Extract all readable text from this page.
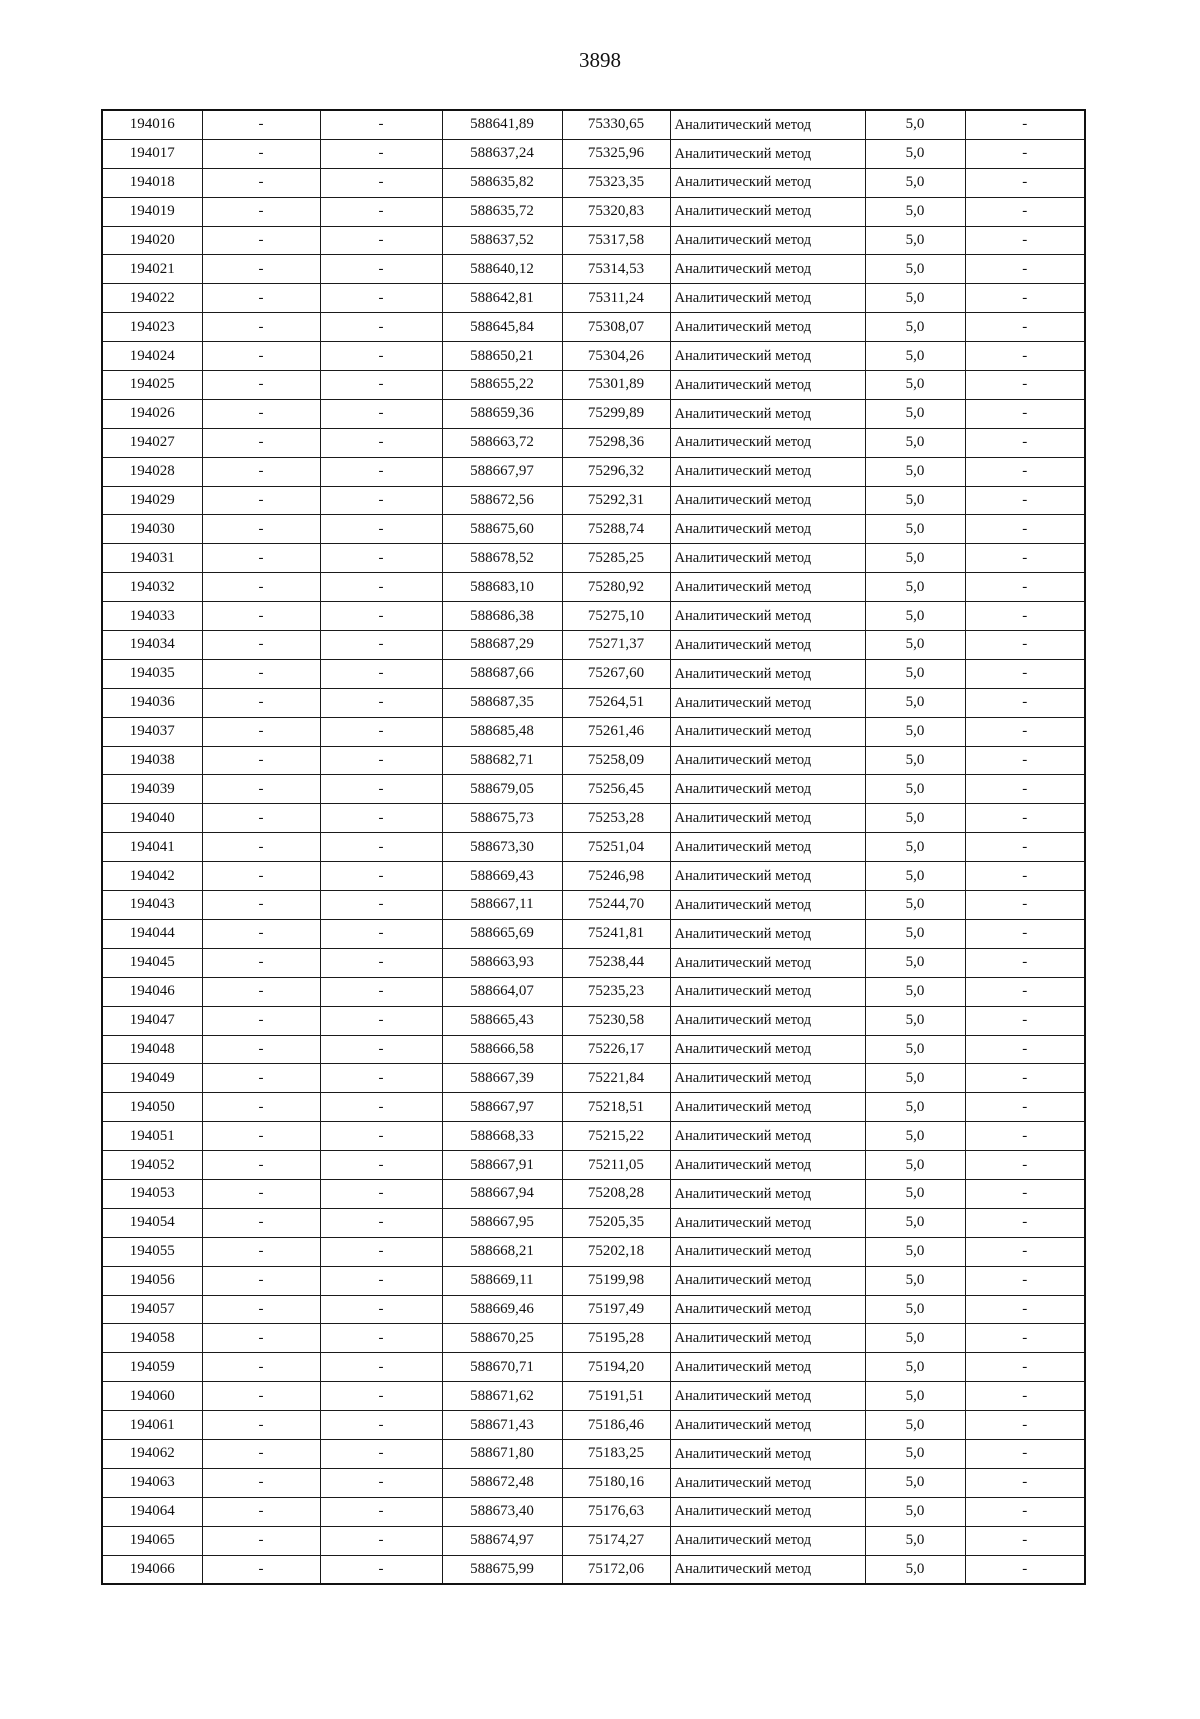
3898
194016	-	-	588641,89	75330,65	Аналитический метод	5,0	-
194017	-	-	588637,24	75325,96	Аналитический метод	5,0	-
194018	-	-	588635,82	75323,35	Аналитический метод	5,0	-
194019	-	-	588635,72	75320,83	Аналитический метод	5,0	-
194020	-	-	588637,52	75317,58	Аналитический метод	5,0	-
194021	-	-	588640,12	75314,53	Аналитический метод	5,0	-
194022	-	-	588642,81	75311,24	Аналитический метод	5,0	-
194023	-	-	588645,84	75308,07	Аналитический метод	5,0	-
194024	-	-	588650,21	75304,26	Аналитический метод	5,0	-
194025	-	-	588655,22	75301,89	Аналитический метод	5,0	-
194026	-	-	588659,36	75299,89	Аналитический метод	5,0	-
194027	-	-	588663,72	75298,36	Аналитический метод	5,0	-
194028	-	-	588667,97	75296,32	Аналитический метод	5,0	-
194029	-	-	588672,56	75292,31	Аналитический метод	5,0	-
194030	-	-	588675,60	75288,74	Аналитический метод	5,0	-
194031	-	-	588678,52	75285,25	Аналитический метод	5,0	-
194032	-	-	588683,10	75280,92	Аналитический метод	5,0	-
194033	-	-	588686,38	75275,10	Аналитический метод	5,0	-
194034	-	-	588687,29	75271,37	Аналитический метод	5,0	-
194035	-	-	588687,66	75267,60	Аналитический метод	5,0	-
194036	-	-	588687,35	75264,51	Аналитический метод	5,0	-
194037	-	-	588685,48	75261,46	Аналитический метод	5,0	-
194038	-	-	588682,71	75258,09	Аналитический метод	5,0	-
194039	-	-	588679,05	75256,45	Аналитический метод	5,0	-
194040	-	-	588675,73	75253,28	Аналитический метод	5,0	-
194041	-	-	588673,30	75251,04	Аналитический метод	5,0	-
194042	-	-	588669,43	75246,98	Аналитический метод	5,0	-
194043	-	-	588667,11	75244,70	Аналитический метод	5,0	-
194044	-	-	588665,69	75241,81	Аналитический метод	5,0	-
194045	-	-	588663,93	75238,44	Аналитический метод	5,0	-
194046	-	-	588664,07	75235,23	Аналитический метод	5,0	-
194047	-	-	588665,43	75230,58	Аналитический метод	5,0	-
194048	-	-	588666,58	75226,17	Аналитический метод	5,0	-
194049	-	-	588667,39	75221,84	Аналитический метод	5,0	-
194050	-	-	588667,97	75218,51	Аналитический метод	5,0	-
194051	-	-	588668,33	75215,22	Аналитический метод	5,0	-
194052	-	-	588667,91	75211,05	Аналитический метод	5,0	-
194053	-	-	588667,94	75208,28	Аналитический метод	5,0	-
194054	-	-	588667,95	75205,35	Аналитический метод	5,0	-
194055	-	-	588668,21	75202,18	Аналитический метод	5,0	-
194056	-	-	588669,11	75199,98	Аналитический метод	5,0	-
194057	-	-	588669,46	75197,49	Аналитический метод	5,0	-
194058	-	-	588670,25	75195,28	Аналитический метод	5,0	-
194059	-	-	588670,71	75194,20	Аналитический метод	5,0	-
194060	-	-	588671,62	75191,51	Аналитический метод	5,0	-
194061	-	-	588671,43	75186,46	Аналитический метод	5,0	-
194062	-	-	588671,80	75183,25	Аналитический метод	5,0	-
194063	-	-	588672,48	75180,16	Аналитический метод	5,0	-
194064	-	-	588673,40	75176,63	Аналитический метод	5,0	-
194065	-	-	588674,97	75174,27	Аналитический метод	5,0	-
194066	-	-	588675,99	75172,06	Аналитический метод	5,0	-
